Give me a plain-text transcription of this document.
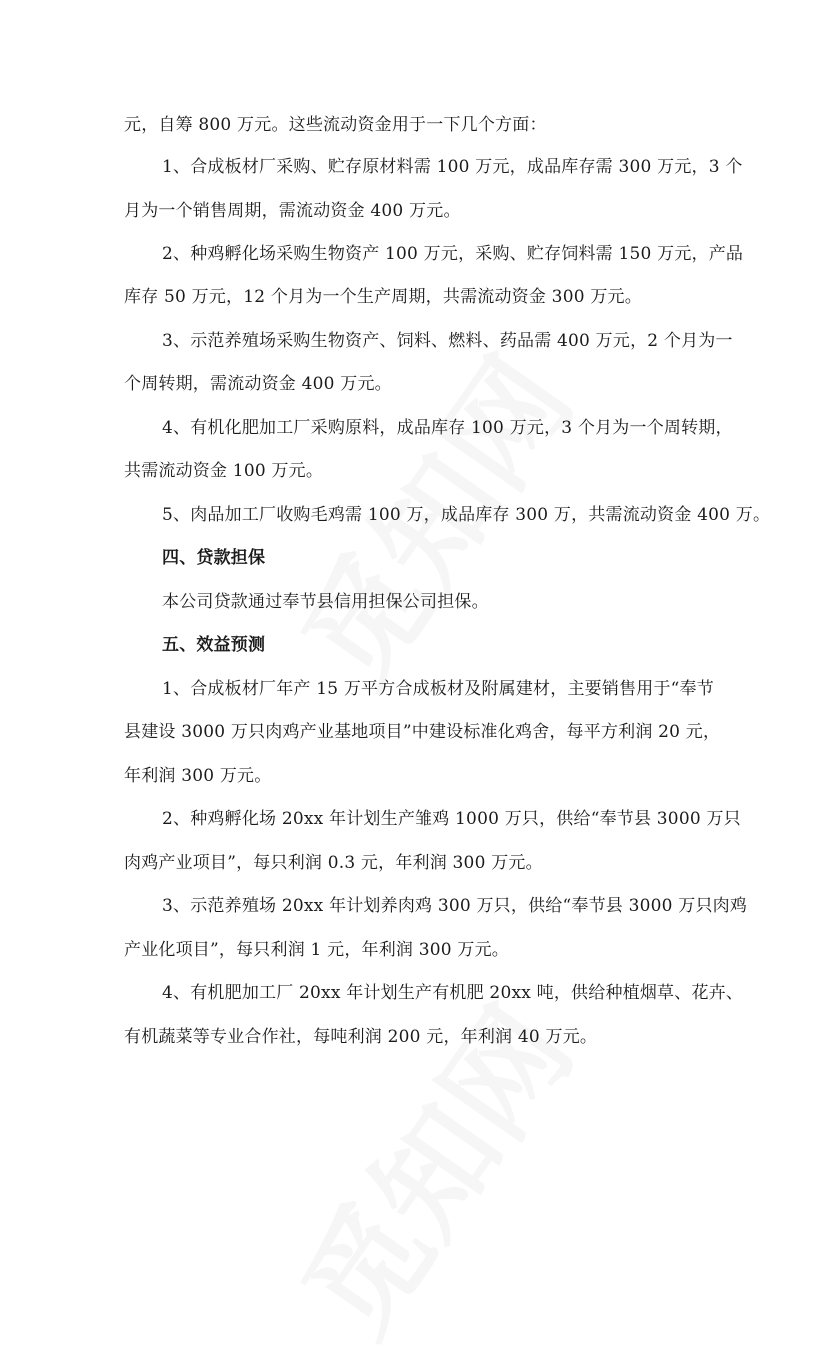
元，自筹 800 万元。这些流动资金用于一下几个方面：
1、合成板材厂采购、贮存原材料需 100 万元，成品库存需 300 万元，3 个
月为一个销售周期，需流动资金 400 万元。
2、种鸡孵化场采购生物资产 100 万元，采购、贮存饲料需 150 万元，产品
库存 50 万元，12 个月为一个生产周期，共需流动资金 300 万元。
3、示范养殖场采购生物资产、饲料、燃料、药品需 400 万元，2 个月为一
个周转期，需流动资金 400 万元。
4、有机化肥加工厂采购原料，成品库存 100 万元，3 个月为一个周转期，
共需流动资金 100 万元。
5、肉品加工厂收购毛鸡需 100 万，成品库存 300 万，共需流动资金 400 万。
四、贷款担保
本公司贷款通过奉节县信用担保公司担保。
五、效益预测
1、合成板材厂年产 15 万平方合成板材及附属建材，主要销售用于“奉节
县建设 3000 万只肉鸡产业基地项目”中建设标准化鸡舍，每平方利润 20 元，
年利润 300 万元。
2、种鸡孵化场 20xx 年计划生产雏鸡 1000 万只，供给“奉节县 3000 万只
肉鸡产业项目”，每只利润 0.3 元，年利润 300 万元。
3、示范养殖场 20xx 年计划养肉鸡 300 万只，供给“奉节县 3000 万只肉鸡
产业化项目”，每只利润 1 元，年利润 300 万元。
4、有机肥加工厂 20xx 年计划生产有机肥 20xx 吨，供给种植烟草、花卉、
有机蔬菜等专业合作社，每吨利润 200 元，年利润 40 万元。
